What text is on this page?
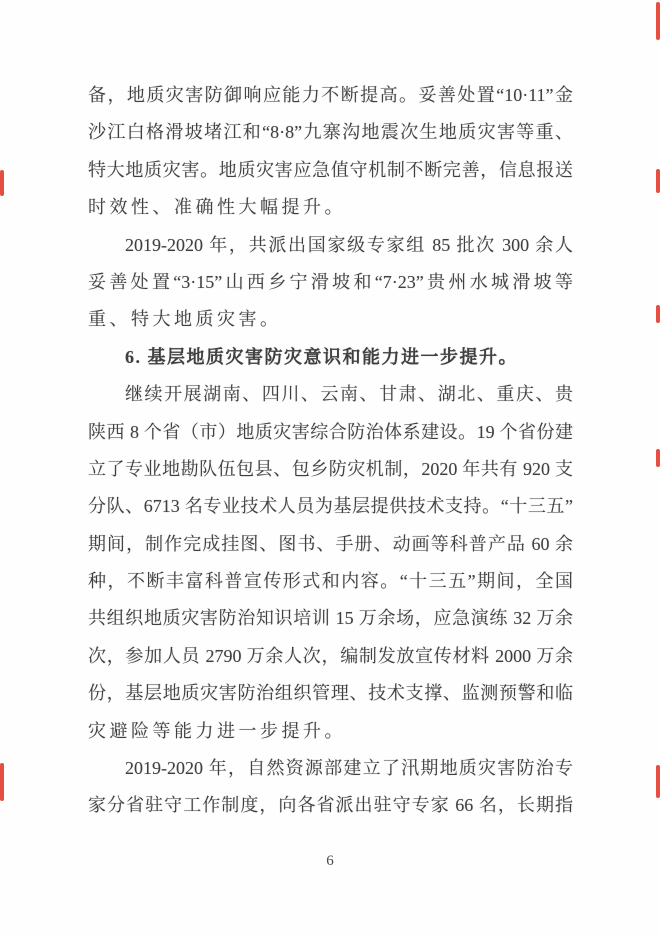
备，地质灾害防御响应能力不断提高。妥善处置“10·11”金
沙江白格滑坡堵江和“8·8”九寨沟地震次生地质灾害等重、
特大地质灾害。地质灾害应急值守机制不断完善，信息报送
时效性、准确性大幅提升。
2019-2020 年，共派出国家级专家组 85 批次 300 余人
妥善处置“3·15”山西乡宁滑坡和“7·23”贵州水城滑坡等
重、特大地质灾害。
6. 基层地质灾害防灾意识和能力进一步提升。
继续开展湖南、四川、云南、甘肃、湖北、重庆、贵
陕西 8 个省（市）地质灾害综合防治体系建设。19 个省份建
立了专业地勘队伍包县、包乡防灾机制，2020 年共有 920 支
分队、6713 名专业技术人员为基层提供技术支持。“十三五”
期间，制作完成挂图、图书、手册、动画等科普产品 60 余
种，不断丰富科普宣传形式和内容。“十三五”期间，全国
共组织地质灾害防治知识培训 15 万余场，应急演练 32 万余
次，参加人员 2790 万余人次，编制发放宣传材料 2000 万余
份，基层地质灾害防治组织管理、技术支撑、监测预警和临
灾避险等能力进一步提升。
2019-2020 年，自然资源部建立了汛期地质灾害防治专
家分省驻守工作制度，向各省派出驻守专家 66 名，长期指
6
